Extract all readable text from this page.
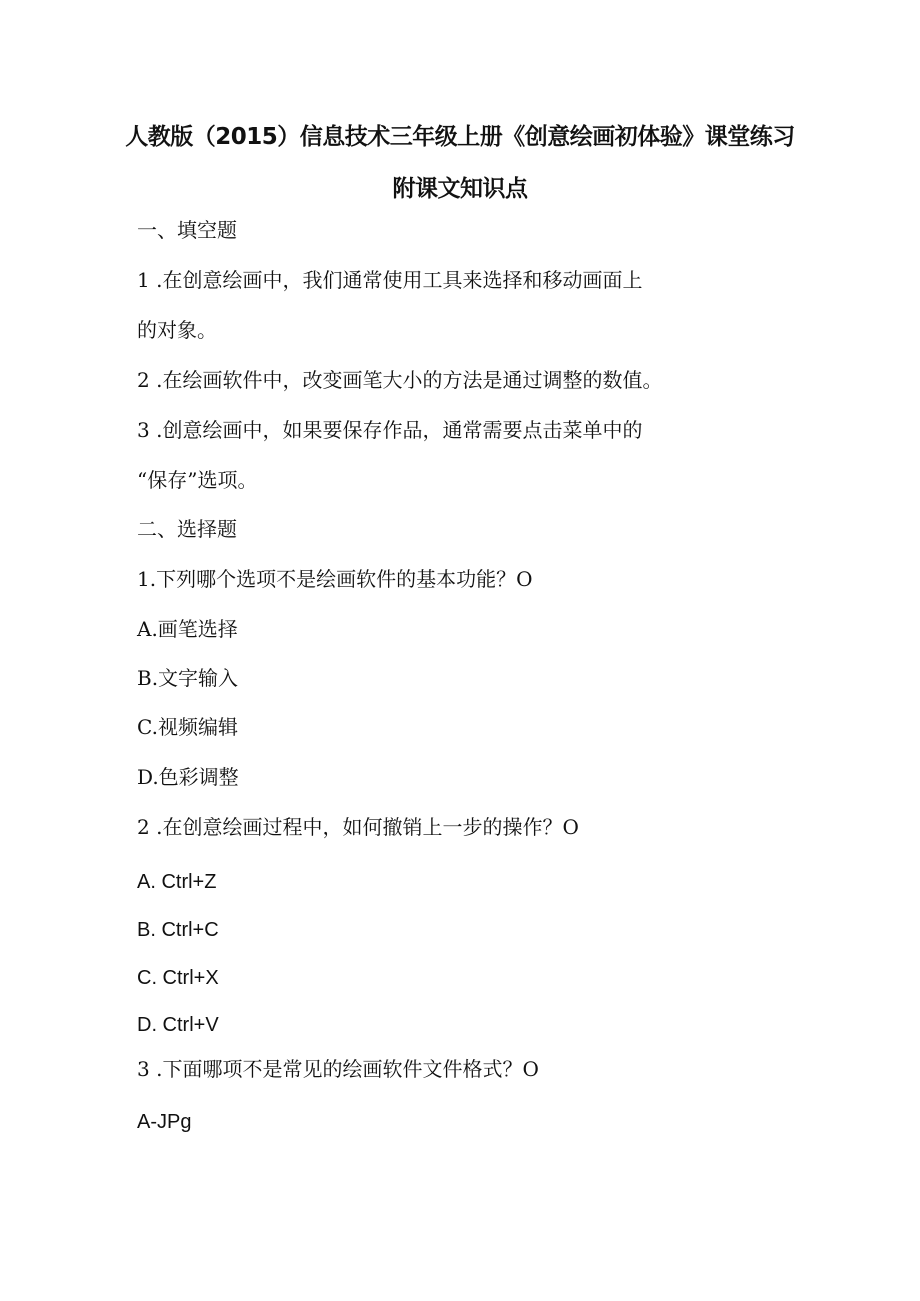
人教版（2015）信息技术三年级上册《创意绘画初体验》课堂练习
附课文知识点
一、填空题
1 .在创意绘画中，我们通常使用工具来选择和移动画面上
的对象。
2 .在绘画软件中，改变画笔大小的方法是通过调整的数值。
3 .创意绘画中，如果要保存作品，通常需要点击菜单中的
“保存”选项。
二、选择题
1.下列哪个选项不是绘画软件的基本功能？O
A.画笔选择
B.文字输入
C.视频编辑
D.色彩调整
2 .在创意绘画过程中，如何撤销上一步的操作？O
A. Ctrl+Z
B. Ctrl+C
C. Ctrl+X
D. Ctrl+V
3 .下面哪项不是常见的绘画软件文件格式？O
A-JPg
